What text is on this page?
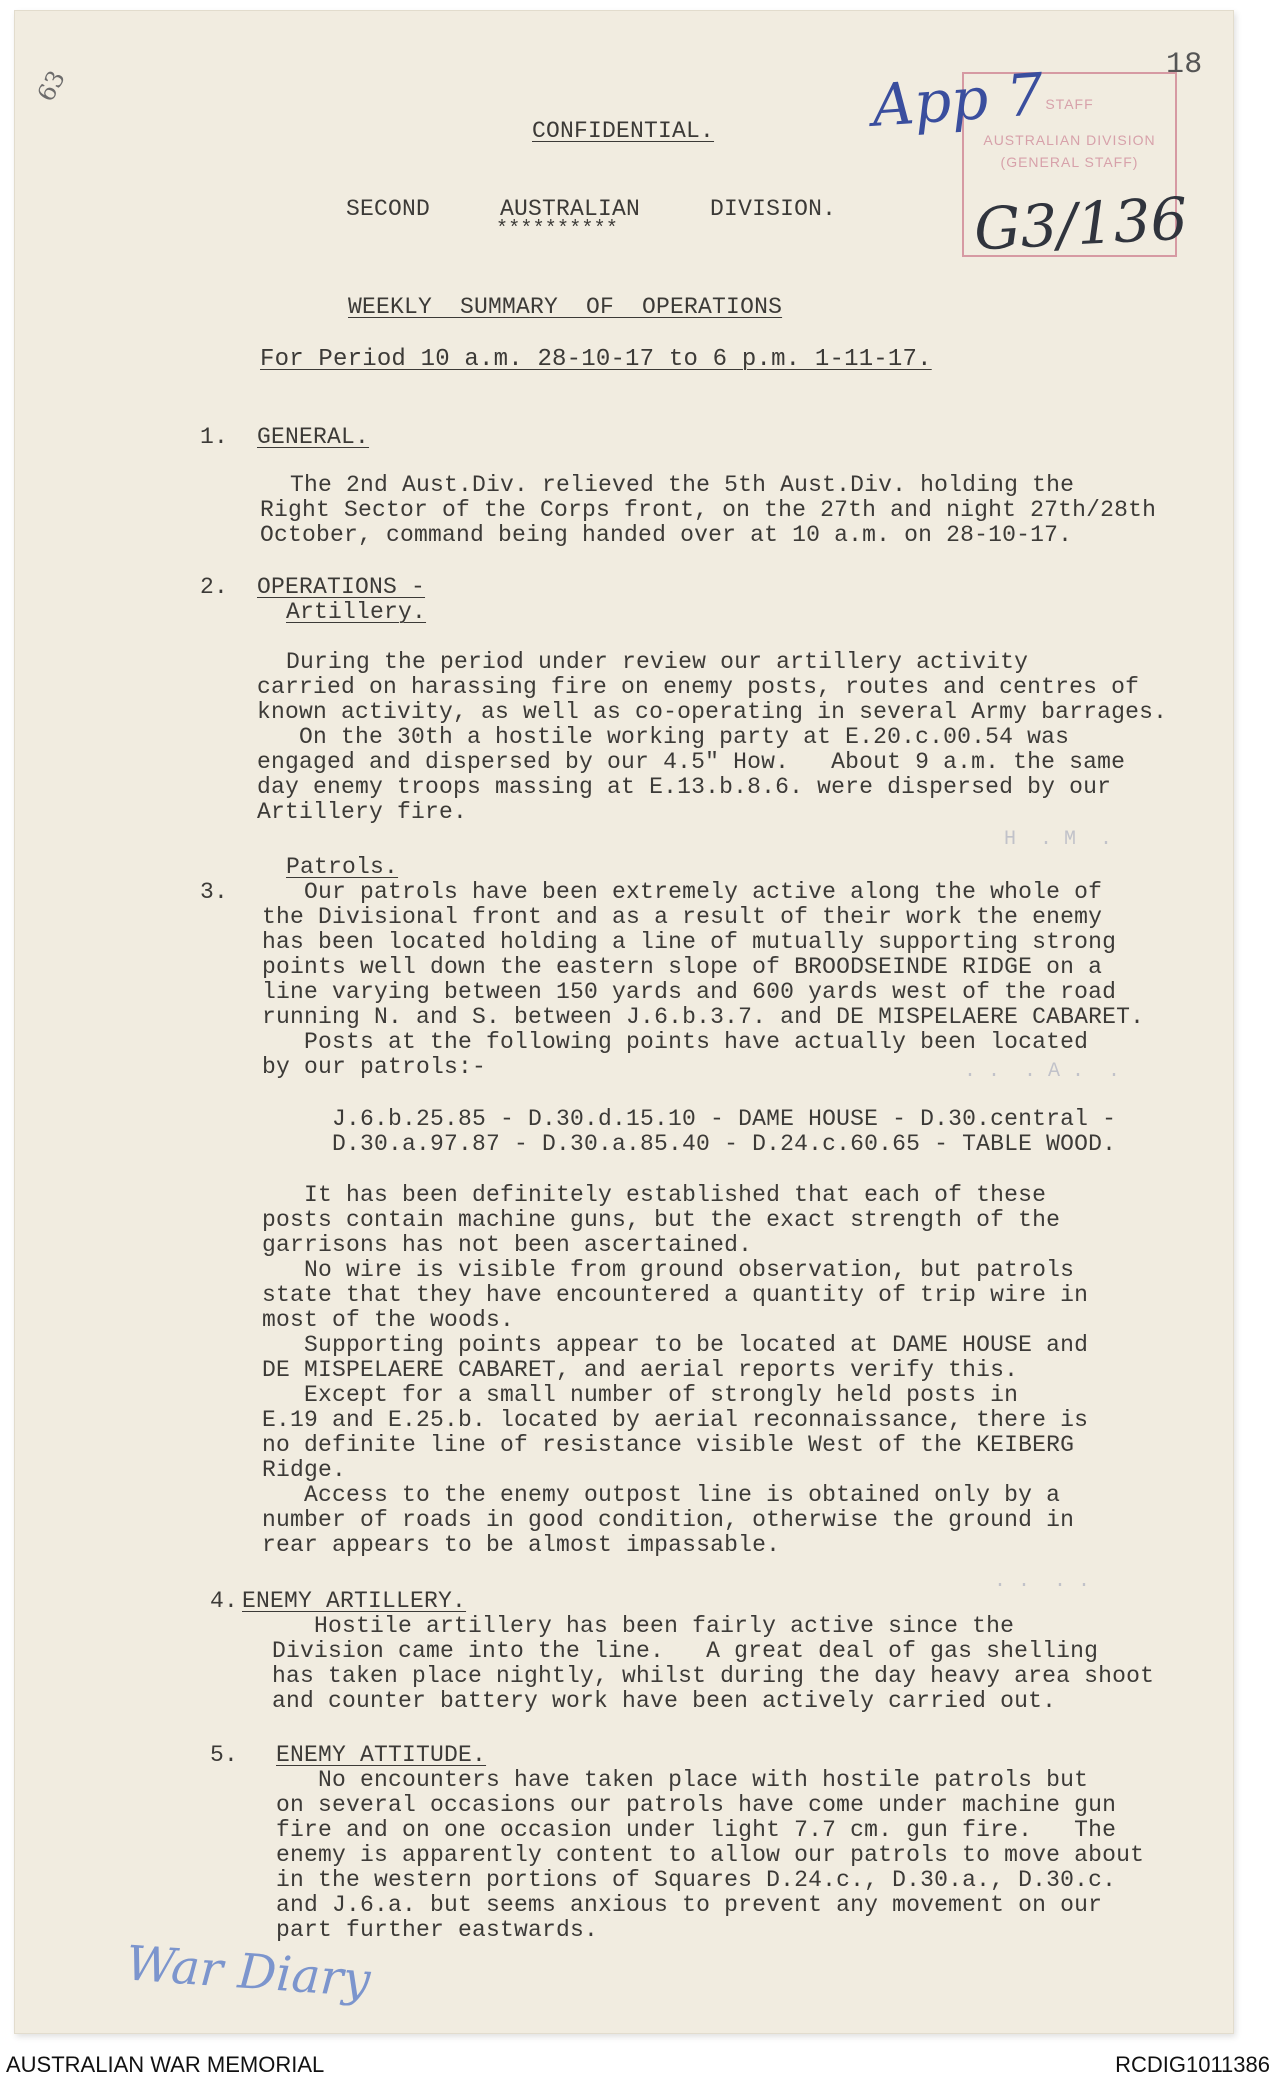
63
18
STAFF
AUSTRALIAN DIVISION
(GENERAL STAFF)
App 7
G3/136
H  . M  .
. .  . A .  .
. .  . .
CONFIDENTIAL.
SECOND     AUSTRALIAN     DIVISION.
**********
WEEKLY  SUMMARY  OF  OPERATIONS
For Period 10 a.m. 28-10-17 to 6 p.m. 1-11-17.
1. GENERAL.
The 2nd Aust.Div. relieved the 5th Aust.Div. holding the
Right Sector of the Corps front, on the 27th and night 27th/28th
October, command being handed over at 10 a.m. on 28-10-17.
2. OPERATIONS -
Artillery.
During the period under review our artillery activity
carried on harassing fire on enemy posts, routes and centres of
known activity, as well as co-operating in several Army barrages.
On the 30th a hostile working party at E.20.c.00.54 was
engaged and dispersed by our 4.5" How.   About 9 a.m. the same
day enemy troops massing at E.13.b.8.6. were dispersed by our
Artillery fire.
Patrols.
3. Our patrols have been extremely active along the whole of
the Divisional front and as a result of their work the enemy
has been located holding a line of mutually supporting strong
points well down the eastern slope of BROODSEINDE RIDGE on a
line varying between 150 yards and 600 yards west of the road
running N. and S. between J.6.b.3.7. and DE MISPELAERE CABARET.
Posts at the following points have actually been located
by our patrols:-
J.6.b.25.85 - D.30.d.15.10 - DAME HOUSE - D.30.central -
D.30.a.97.87 - D.30.a.85.40 - D.24.c.60.65 - TABLE WOOD.
It has been definitely established that each of these
posts contain machine guns, but the exact strength of the
garrisons has not been ascertained.
No wire is visible from ground observation, but patrols
state that they have encountered a quantity of trip wire in
most of the woods.
Supporting points appear to be located at DAME HOUSE and
DE MISPELAERE CABARET, and aerial reports verify this.
Except for a small number of strongly held posts in
E.19 and E.25.b. located by aerial reconnaissance, there is
no definite line of resistance visible West of the KEIBERG
Ridge.
Access to the enemy outpost line is obtained only by a
number of roads in good condition, otherwise the ground in
rear appears to be almost impassable.
4. ENEMY ARTILLERY.
Hostile artillery has been fairly active since the
Division came into the line.   A great deal of gas shelling
has taken place nightly, whilst during the day heavy area shoot
and counter battery work have been actively carried out.
5. ENEMY ATTITUDE.
No encounters have taken place with hostile patrols but
on several occasions our patrols have come under machine gun
fire and on one occasion under light 7.7 cm. gun fire.   The
enemy is apparently content to allow our patrols to move about
in the western portions of Squares D.24.c., D.30.a., D.30.c.
and J.6.a. but seems anxious to prevent any movement on our
part further eastwards.
War Diary
AUSTRALIAN WAR MEMORIAL	RCDIG1011386
